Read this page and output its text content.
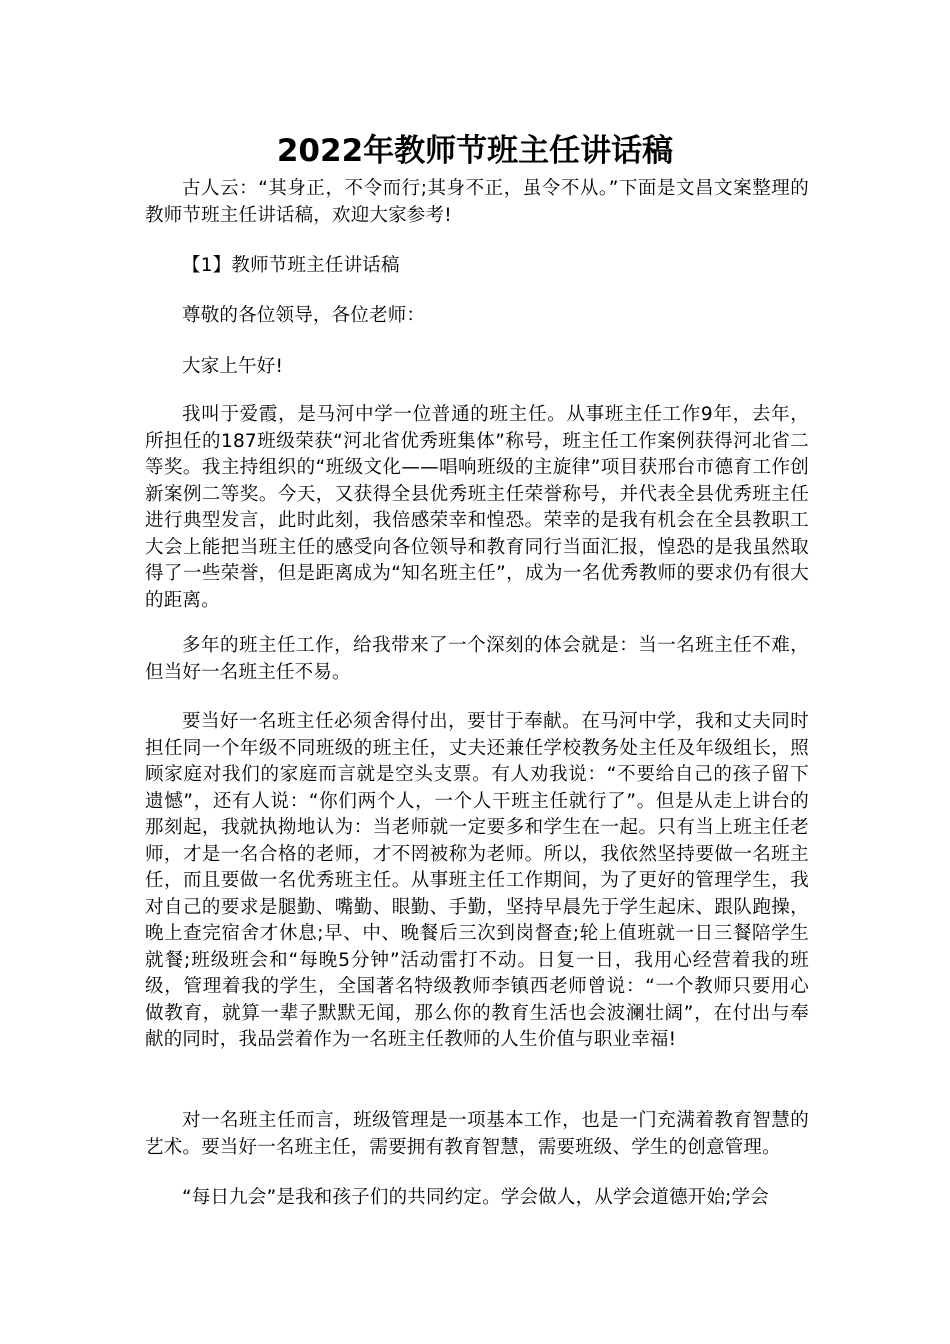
2022年教师节班主任讲话稿

古人云：“其身正，不令而行;其身不正，虽令不从。”下面是文昌文案整理的教师节班主任讲话稿，欢迎大家参考!

【1】教师节班主任讲话稿

尊敬的各位领导，各位老师：

大家上午好!

我叫于爱霞，是马河中学一位普通的班主任。从事班主任工作9年，去年，所担任的187班级荣获“河北省优秀班集体”称号，班主任工作案例获得河北省二等奖。我主持组织的“班级文化——唱响班级的主旋律”项目获邢台市德育工作创新案例二等奖。今天，又获得全县优秀班主任荣誉称号，并代表全县优秀班主任进行典型发言，此时此刻，我倍感荣幸和惶恐。荣幸的是我有机会在全县教职工大会上能把当班主任的感受向各位领导和教育同行当面汇报，惶恐的是我虽然取得了一些荣誉，但是距离成为“知名班主任”，成为一名优秀教师的要求仍有很大的距离。

多年的班主任工作，给我带来了一个深刻的体会就是：当一名班主任不难，但当好一名班主任不易。

要当好一名班主任必须舍得付出，要甘于奉献。在马河中学，我和丈夫同时担任同一个年级不同班级的班主任，丈夫还兼任学校教务处主任及年级组长，照顾家庭对我们的家庭而言就是空头支票。有人劝我说：“不要给自己的孩子留下遗憾”，还有人说：“你们两个人，一个人干班主任就行了”。但是从走上讲台的那刻起，我就执拗地认为：当老师就一定要多和学生在一起。只有当上班主任老师，才是一名合格的老师，才不罔被称为老师。所以，我依然坚持要做一名班主任，而且要做一名优秀班主任。从事班主任工作期间，为了更好的管理学生，我对自己的要求是腿勤、嘴勤、眼勤、手勤，坚持早晨先于学生起床、跟队跑操，晚上查完宿舍才休息;早、中、晚餐后三次到岗督查;轮上值班就一日三餐陪学生就餐;班级班会和“每晚5分钟”活动雷打不动。日复一日，我用心经营着我的班级，管理着我的学生，全国著名特级教师李镇西老师曾说：“一个教师只要用心做教育，就算一辈子默默无闻，那么你的教育生活也会波澜壮阔”，在付出与奉献的同时，我品尝着作为一名班主任教师的人生价值与职业幸福!

对一名班主任而言，班级管理是一项基本工作，也是一门充满着教育智慧的艺术。要当好一名班主任，需要拥有教育智慧，需要班级、学生的创意管理。

“每日九会”是我和孩子们的共同约定。学会做人，从学会道德开始;学会
